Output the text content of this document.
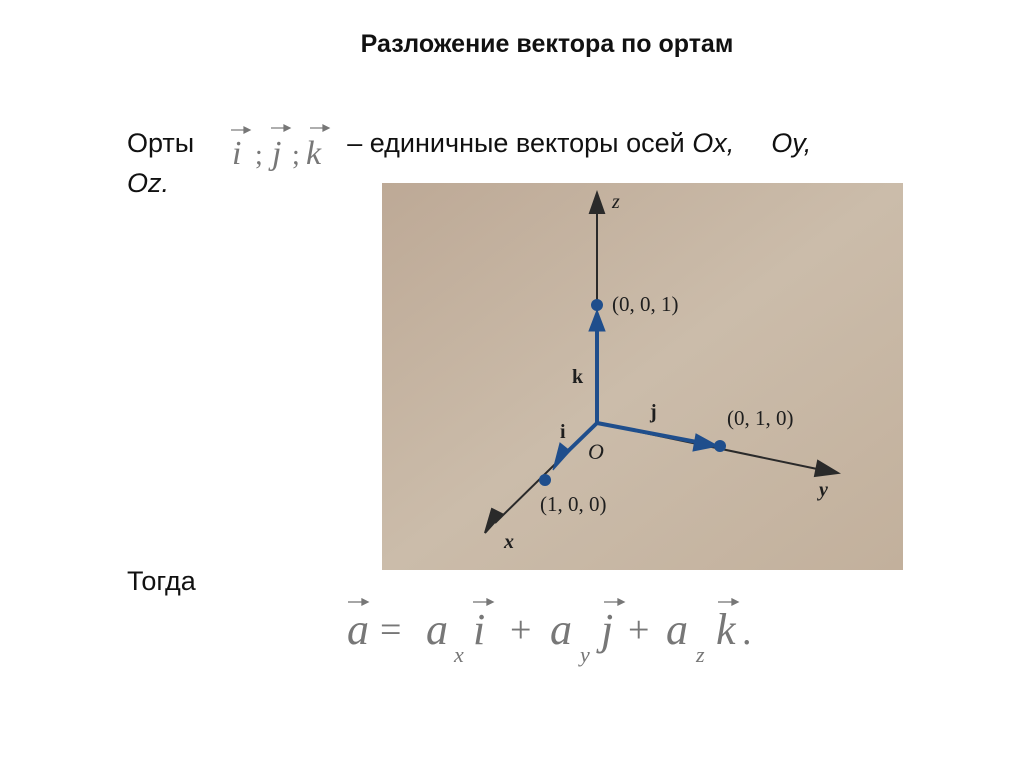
Разложение вектора по ортам
Орты	– единичные векторы осей Ox, Oy,
Oz.
i ; j ; k
z
y
x
O
k
j
i
(0, 0, 1)
(0, 1, 0)
(1, 0, 0)
Тогда
a = a
x
i + a
y
j + a
z
k .
